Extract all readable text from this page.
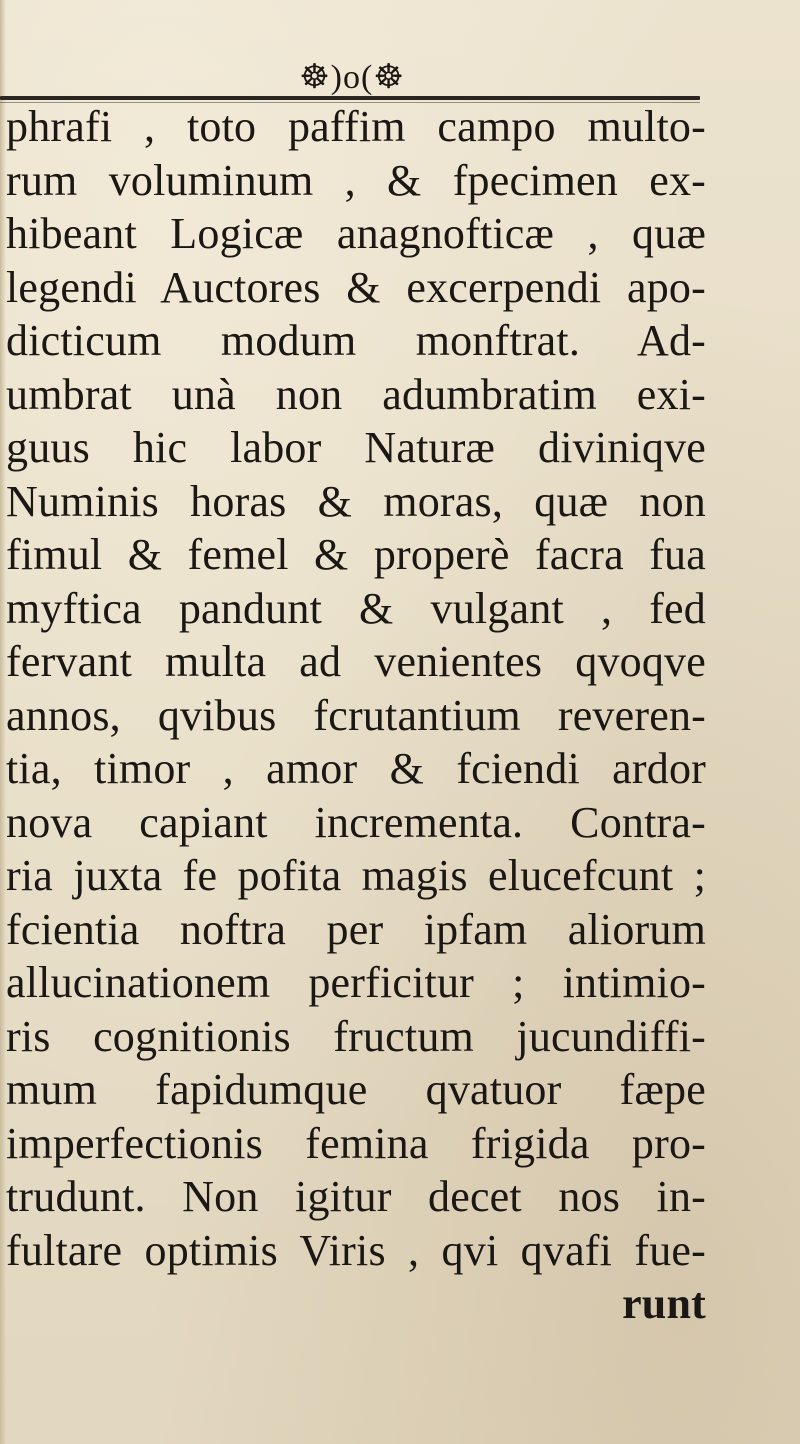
☸)o(☸
phrafi , toto paffim campo multo-
rum voluminum , & fpecimen ex-
hibeant Logicæ anagnofticæ , quæ
legendi Auctores & excerpendi apo-
dicticum modum monftrat. Ad-
umbrat unà non adumbratim exi-
guus hic labor Naturæ diviniqve
Numinis horas & moras, quæ non
fimul & femel & properè facra fua
myftica pandunt & vulgant , fed
fervant multa ad venientes qvoqve
annos, qvibus fcrutantium reveren-
tia, timor , amor & fciendi ardor
nova capiant incrementa. Contra-
ria juxta fe pofita magis elucefcunt ;
fcientia noftra per ipfam aliorum
allucinationem perficitur ; intimio-
ris cognitionis fructum jucundiffi-
mum fapidumque qvatuor fæpe
imperfectionis femina frigida pro-
trudunt. Non igitur decet nos in-
fultare optimis Viris , qvi qvafi fue-
runt
